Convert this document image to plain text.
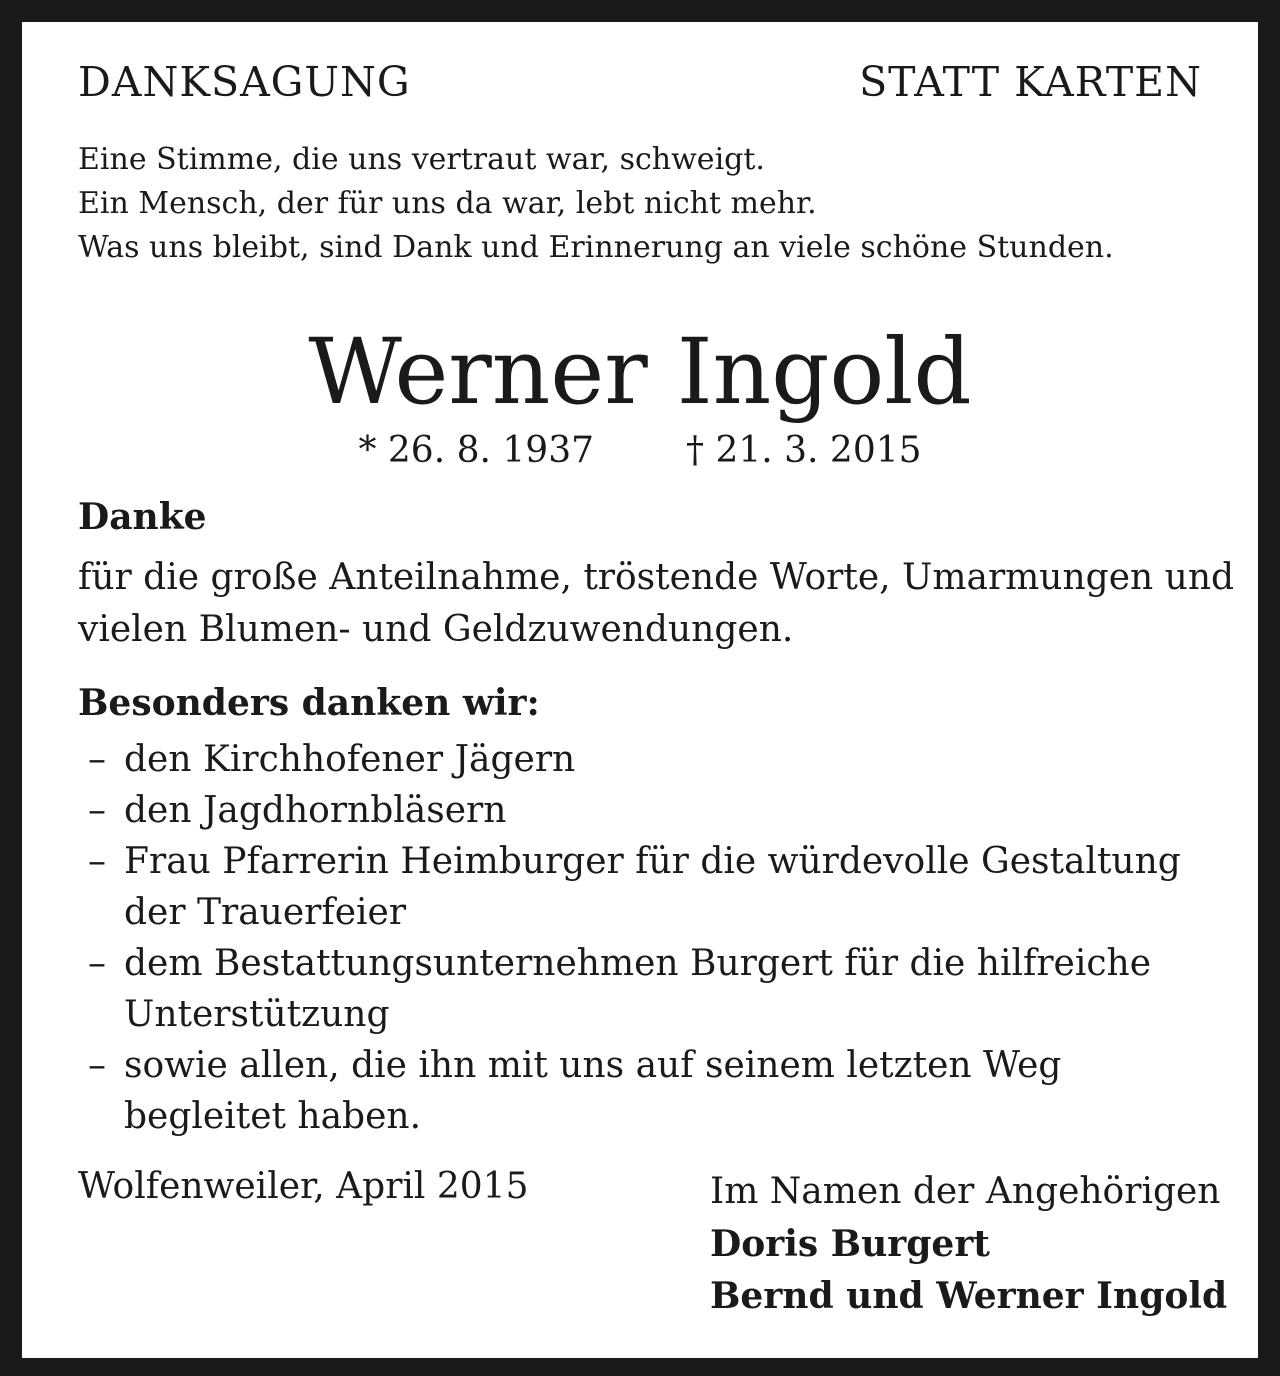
DANKSAGUNG	STATT KARTEN
Eine Stimme, die uns vertraut war, schweigt.
Ein Mensch, der für uns da war, lebt nicht mehr.
Was uns bleibt, sind Dank und Erinnerung an viele schöne Stunden.
Werner Ingold
* 26. 8. 1937	† 21. 3. 2015
Danke
für die große Anteilnahme, tröstende Worte, Umarmungen und
vielen Blumen- und Geldzuwendungen.
Besonders danken wir:
– den Kirchhofener Jägern
– den Jagdhornbläsern
– Frau Pfarrerin Heimburger für die würdevolle Gestaltung
der Trauerfeier
– dem Bestattungsunternehmen Burgert für die hilfreiche
Unterstützung
– sowie allen, die ihn mit uns auf seinem letzten Weg
begleitet haben.
Wolfenweiler, April 2015	Im Namen der Angehörigen
Doris Burgert
Bernd und Werner Ingold
